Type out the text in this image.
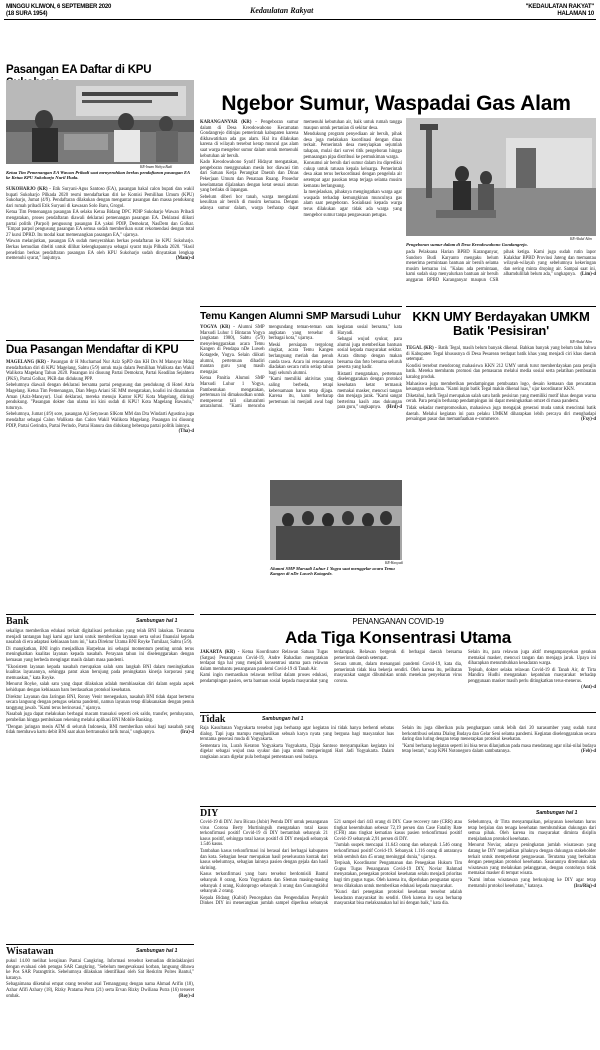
MINGGU KLIWON, 6 SEPTEMBER 2020
(18 SURA 1954)	Kedaulatan Rakyat	"KEDAULATAN RAKYAT"
HALAMAN 10
Pasangan EA Daftar di KPU
KR-Imam Wahyu Budi
Ketua Tim Pemenangan EA Wawan Pribadi saat menyerahkan berkas pendaftaran pasangan EA ke Ketua KPU Sukoharjo Nuril Huda.

SUKOHARJO (KR) - Etik Suryani-Agus Santoso (EA), pasangan bakal calon bupati dan wakil bupati Sukoharjo Pilkada 2020 resmi mendaftarkan diri ke Komisi Pemilihan Umum (KPU) Sukoharjo, Jumat (4/9). Pendaftaran dilakukan dengan mengantar pasangan dan massa pendukung dari rumah pribadi Etik Suryani di kawasan Solo Baru, Grogol.

Ketua Tim Pemenangan pasangan EA selaku Ketua Bidang DPC PDIP Sukoharjo Wawan Pribadi mengatakan, proses pendaftaran diawali deklarasi pemenangan pasangan EA. Deklarasi diikuti partai politik (Parpol) pengusung pasangan EA yakni PDIP, Demokrat, NasDem dan Golkar. "Empat parpol pengusung pasangan EA semua sudah memberikan surat rekomendasi dengan total 27 kursi DPRD. Itu modal kuat memenangkan pasangan EA," ujarnya.

Wawan melanjutkan, pasangan EA sudah menyerahkan berkas pendaftaran ke KPU Sukoharjo. Berkas kemudian diteliti untuk dilihat kelengkapannya sebagai syarat maju Pilkada 2020. "Hasil penelitian berkas pendaftaran pasangan EA oleh KPU Sukoharjo sudah dinyatakan lengkap memenuhi syarat," lanjutnya.	(Mam)-d

Dua Pasangan Mendaftar di KPU

MAGELANG (KR) - Pasangan dr H Muchamad Nur Aziz SpPD dan KH Drs M Mansyur Mdag mendaftarkan diri di KPU Magelang, Sabtu (5/9) untuk maju dalam Pemilihan Walikota dan Wakil Walikota Magelang Tahun 2020. Pasangan ini diusung Partai Demokrat, Partai Keadilan Sejahtera (PKS), Partai Golkar, PKB dan didukung PPP.

Sebelumnya diawali dengan deklarasi bersama partai pengusung dan pendukung di Hotel Atria Magelang. Ketua Tim Pemenangan, Dian Mega Ariani SE MM mengatakan, koalisi ini dinamakan Aman (Aziz-Mansyur). Usai deklarasi, mereka menuju Kantor KPU Kota Magelang, diiringi pendukung. "Pasangan dokter dan ulama ini kini sudah di KPU! Kota Magelang Bawaslu," tuturnya.

Sebelumnya, Jumat (4/9) sore, pasangan Aji Setyawan SIKom MM dan Dra Windarti Agustina juga mendaftar sebagai Calon Walikota dan Calon Wakil Walikota Magelang. Pasangan ini diusung PDIP, Partai Gerindra, Partai Perindo, Partai Hanura dan didukung beberapa partai politik lainnya.
(Tha)-d

Ngebor Sumur, Waspadai Gas Alam

KARANGANYAR (KR) - Pengeboran sumur dalam di Desa Kreodowahono Kecamatan Gondangrejo ditinjau pemerintah kabupaten karena dikhawatirkan ada gas alam. Hal itu dilakukan karena di wilayah tersebut kerap muncul gas alam saat warga mengebor sumur dalam untuk memenuhi kebutuhan air bersih.

Kado Kreodowahono Syarif Hidayat mengatakan, pengeboran menggunakan mesin bor diawasi tim dari Satuan Kerja Perangkat Daerah dan Dinas Pekerjaan Umum dan Penataan Ruang. Prosedur keselamatan dijalankan dengan ketat sesuai aturan yang berlaku di lapangan.

Sebelum diberi bor tanah, warga mengalami kesulitan air bersih di musim kemarau. Dengan adanya sumur dalam, warga berharap dapat memenuhi kebutuhan air, baik untuk rumah tangga maupun untuk pertanian di sekitar desa.

Mendukung program penyediaan air bersih, pihak desa juga melakukan koordinasi dengan dinas terkait. Pemerintah desa menyiapkan sejumlah tahapan, mulai dari survei titik pengeboran hingga pemasangan pipa distribusi ke permukiman warga.

Konsumsi air bersih dari sumur dalam itu diprediksi cukup untuk ratusan kepala keluarga. Pemerintah desa akan terus berkoordinasi dengan pengelola air setempat agar pasokan tetap terjaga selama musim kemarau berlangsung.

Ia menjelaskan, pihaknya mengingatkan warga agar waspada terhadap kemungkinan munculnya gas alam saat pengeboran. Sosialisasi kepada warga terus dilakukan agar tidak ada warga yang mengebor sumur tanpa pengawasan petugas.

KR-Abdul Alim
Pengeboran sumur dalam di Desa Kreodowahono Gondangrejo.

pada Pelaksana Harian BPBD Karanganyar, Sundoro Budi Karyanto mengaku belum menerima permintaan bantuan air bersih selama musim kemarau ini. "Kalau ada permintaan, kami sudah siap menyalurkan bantuan air bersih anggaran BPBD Karanganyar maupun CSR pihak ketiga. Kami juga sudah rutin lapor Kalakhar BPBD Provinsi Jateng dan memantau wilayah-wilayah yang sebelumnya kekeringan dan sering minta droping air. Sampai saat ini, alhamdulillah belum ada," ungkapnya. (Lim)-d

Temu Kangen Alumni SMP Marsudi Luhur

YOGYA (KR) - Alumni SMP Marsudi Luhur 1 Bintaran Yogya (angkatan 1980), Sabtu (5/9) menyelenggarakan acara Temu Kangen di Pendapa nDe Luweh Kotagede, Yogya. Selain diikuti alumni, pertemuan dihadiri mantan guru yang masih mengajar.

Ketua Panitia Alumni SMP Marsudi Luhur 1 Yogya, Pambentukan mengatakan, pertemuan ini dimaksudkan untuk mempererat tali silaturahmi antaralumni. "Kami mencoba mengundang teman-teman satu angkatan yang tersebar di berbagai kota," ujarnya.

Meski persiapan tergolong singkat, acara Temu Kangen berlangsung meriah dan penuh canda tawa. Acara ini rencananya diadakan secara rutin setiap tahun bagi seluruh alumni.

"Kami memiliki aktivitas yang saling berbeda, tetapi kebersamaan harus tetap dijaga. Karena itu, kami berharap pertemuan ini menjadi awal bagi kegiatan sosial bersama," kata Haryadi.

Sebagai wujud syukur, para alumni juga memberikan bantuan sosial kepada masyarakat sekitar. Acara ditutup dengan makan bersama dan foto bersama seluruh peserta yang hadir.

Ristanti mengatakan, pertemuan diselenggarakan dengan protokol kesehatan ketat termasuk memakai masker, mencuci tangan dan menjaga jarak. "Kami sangat berterima kasih atas dukungan para guru," ungkapnya. (Hrd)-d

KR-Hanyadi
Alumni SMP Marsudi Luhur 1 Yogya saat menggelar acara Temu Kangen di nDe Luweh Kotagede.
KKN UMY Berdayakan UMKM Batik 'Pesisiran'
KR-Abdul Alim

TEGAL (KR) - Batik Tegal, masih belum banyak dikenal. Bahkan banyak yang belum tahu bahwa di Kabupaten Tegal khususnya di Desa Pesarean terdapat batik khas yang menjadi ciri khas daerah setempat.

Kondisi tersebut mendorong mahasiswa KKN 212 UMY untuk turut memberdayakan para perajin batik. Mereka membantu promosi dan pemasaran melalui media sosial serta pelatihan pembuatan katalog produk.

Mahasiswa juga memberikan pendampingan pembuatan logo, desain kemasan dan pencatatan keuangan sederhana. "Kami ingin batik Tegal makin dikenal luas," ujar koordinator KKN.

Diketahui, batik Tegal merupakan salah satu batik pesisiran yang memiliki motif khas dengan warna cerah. Para perajin berharap pendampingan ini dapat meningkatkan omzet di masa pandemi.

Tidak sekadar mempromosikan, mahasiswa juga mengajak generasi muda untuk mencintai batik daerah. Melalui kegiatan ini para pelaku UMKM diharapkan lebih percaya diri menghadapi persaingan pasar dan memanfaatkan e-commerce.	(Fxy)-d

PENANGANAN COVID-19
Ada Tiga Konsentrasi Utama

JAKARTA (KR) - Ketua Koordinator Relawan Satuan Tugas (Satgas) Penanganan Covid-19, Andre Rahadian mengatakan terdapat tiga hal yang menjadi konsentrasi utama para relawan dalam membantu penanganan pandemi Covid-19 di Tanah Air.

Kami ingin memastikan relawan terlibat dalam proses edukasi, pendampingan pasien, serta bantuan sosial kepada masyarakat yang terdampak. Relawan bergerak di berbagai daerah bersama pemerintah daerah setempat.

Secara umum, dalam menangani pandemi Covid-19, kata dia, pemerintah tidak bisa bekerja sendiri. Oleh karena itu, pelibatan masyarakat sangat dibutuhkan untuk menekan penyebaran virus corona.

Selain itu, para relawan juga aktif mengampanyekan gerakan memakai masker, mencuci tangan dan menjaga jarak. Upaya ini diharapkan menumbuhkan kesadaran warga.

Tepisah, dokter selaku relawan Covid-19 di Tanah Air, dr Tirta Mandira Hudhi mengatakan kepatuhan masyarakat terhadap penggunaan masker masih perlu ditingkatkan terus-menerus.
(Ant)-d

Bank	Sambungan hal 1

sekaligus memberikan edukasi terkait digitalisasi perbankan yang telah BNI lakukan. Terutama menjadi tantangan bagi kami agar kami untuk memberikan layanan serta solusi finansial kepada nasabah di era adaptasi kebiasaan baru ini," kata Direktur Utama BNI Royke Tumilaar, Sabtu (5/9).

Di mangkatkan, BNI ingin menjadikan Harpelnas ini sebagai momentum penting untuk terus meningkatkan kualitas layanan kepada nasabah. Perayaan tahun ini diselenggarakan dengan kemasan yang berbeda mengingat masih dalam masa pandemi.

"Ekosistem layanan kepada nasabah merupakan salah satu langkah BNI dalam meningkatkan kualitas layanannya, sehingga patut akan berujung pada peningkatan kinerja korporasi yang memuaskan," kata Royke.

Menurut Royke, salah satu yang dapat dilakukan adalah membiasakan diri dalam segala aspek kehidupan dengan kebiasaan baru berdasarkan protokol kesehatan.

Direktur Layanan dan Jaringan BNI, Ronny Venir menegaskan, nasabah BNI tidak dapat bertemu secara langsung dengan petugas selama pandemi, namun layanan tetap dilaksanakan dengan penuh tanggung jawab. "Kami terus berinovasi," ujarnya.

Nasabah juga dapat melakukan berbagai macam transaksi seperti cek saldo, transfer, pembayaran, pembelian hingga pembukaan rekening melalui aplikasi BNI Mobile Banking.

"Dengan jaringan mesin ATM di seluruh Indonesia, BNI memberikan solusi bagi nasabah yang tidak membawa kartu debit BNI saat akan bertransaksi tarik tunai," ungkapnya.	(Ira)-d

Wisatawan	Sambungan hal 1

pukul 14.00 melihat kerajinan Pantai Cangkring. Informasi tersebut kemudian ditindaklanjuti dengan evaluasi oleh petugas SAR Cangkring. "Sebelum mengevakuasi korban, langsung dibawa ke Pos SAR Parangtritis. Sebelumnya dilakukan identifikasi oleh Sat Reskrim Polres Bantul," katanya.

Sebagaimana diketahui empat orang tersebut asal Temanggung dengan nama Ahmad Arifin (18), Azhar Afifi Azhary (18), Rizky Pratama Putra (21) serta Ervan Rizky Dwiliana Putra (16) terseret ombak.	(Roy)-d

Tidak	Sambungan hal 1

Raja Kasultanan Yogyakarta tersebut juga berharap agar kegiatan ini tidak hanya berhenti sebatas dialog. Tapi juga mampu menghasilkan sebuah karya nyata yang berguna bagi masyarakat luas terutama generasi muda di Yogyakarta.

Sementara itu, Lurah Keraton Yogyakarta Yogyakarta, Djaja Santoso menyampaikan kegiatan ini digelar sebagai wujud rasa syukur dan juga untuk memperingati Hari Jadi Yogyakarta. Dalam rangkaian acara digelar pula berbagai pementasan seni budaya.

Selain itu juga diberikan pula penghargaan untuk lebih dari 20 narasumber yang sudah turut berkontribusi selama Dialog Budaya dan Gelar Seni selama pandemi. Kegiatan diselenggarakan secara daring dan luring dengan tetap menerapkan protokol kesehatan.

"Kami berharap kegiatan seperti ini bisa terus dilanjutkan pada masa mendatang agar nilai-nilai budaya tetap lestari," ucap KPH Notonegoro dalam sambutannya.	(Feb)-d

DIY	Sambungan hal 1

Covid-19 di DIY. Juru Bicara (Jubir) Pemda DIY untuk penanganan virus Corona Berty Murtiningsih mengatakan total kasus terkonfirmasi positif Covid-19 di DIY bertambah sebanyak 21 kasus positif, sehingga total kasus positif di DIY menjadi sebanyak 1.546 kasus.

Tambahan kasus terkonfirmasi ini berasal dari berbagai kabupaten dan kota. Sebagian besar merupakan hasil penelusuran kontak dari kasus sebelumnya, sebagian lainnya pasien dengan gejala dan hasil skrining.

Kasus terkonfirmasi yang baru tersebut berdomisili Bantul sebanyak 8 orang, Kota Yogyakarta dan Sleman masing-masing sebanyak 4 orang, Kulonprogo sebanyak 3 orang dan Gunungkidul sebanyak 2 orang.

Kepala Bidang (Kabid) Pencegahan dan Pengendalian Penyakit Dinkes DIY ini menerangkan jumlah sampel diperiksa sebanyak 521 sampel dari 443 orang di DIY. Case recovery rate (CRR) atau tingkat kesembuhan sebesar 72,19 persen dan Case Fatality Rate (CFR) atau tingkat kematian kasus pasien terkonfirmasi positif Covid-19 sebanyak 2,91 persen di DIY.

"Jumlah suspek mencapai 11.643 orang dan sebanyak 1.546 orang terkonfirmasi positif Covid-19. Sebanyak 1.116 orang di antaranya telah sembuh dan 45 orang meninggal dunia," ujarnya.

Terpisah, Koordinator Pengamanan dan Penegakan Hukum Tim Gugus Tugas Penanganan Covid-19 DIY, Noviar Rahmad menyatakan, penegakan protokol kesehatan selalu menjadi prioritas bagi tim gugus tugas. Oleh karena itu, diperlukan penguatan upaya terus dilakukan untuk memberikan edukasi kepada masyarakat.

"Kunci dari penegakan protokol kesehatan tersebut adalah kesadaran masyarakat itu sendiri. Oleh karena itu saya berharap masyarakat bisa melaksanakan hal ini dengan baik," kata dia.

Sebelumnya, dr Tirta menyampaikan, pelayanan kesehatan harus tetap berjalan dan tenaga kesehatan membutuhkan dukungan dari semua pihak. Oleh karena itu masyarakat diminta disiplin menjalankan protokol kesehatan.

Menurut Noviar, adanya peningkatan jumlah wisatawan yang datang ke DIY menjadikan pihaknya dengan dukungan stakeholder terkait untuk memperketat pengawasan. Terutama yang berkaitan dengan penegakan protokol kesehatan. Sasarannya ditemukan ada wisatawan yang melakukan pelanggaran, dengan contohnya tidak memakai masker di tempat wisata.

"Kami imbau wisatawan yang berkunjung ke DIY agar tetap mematuhi protokol kesehatan," katanya.	(Ira/Riq)-d
